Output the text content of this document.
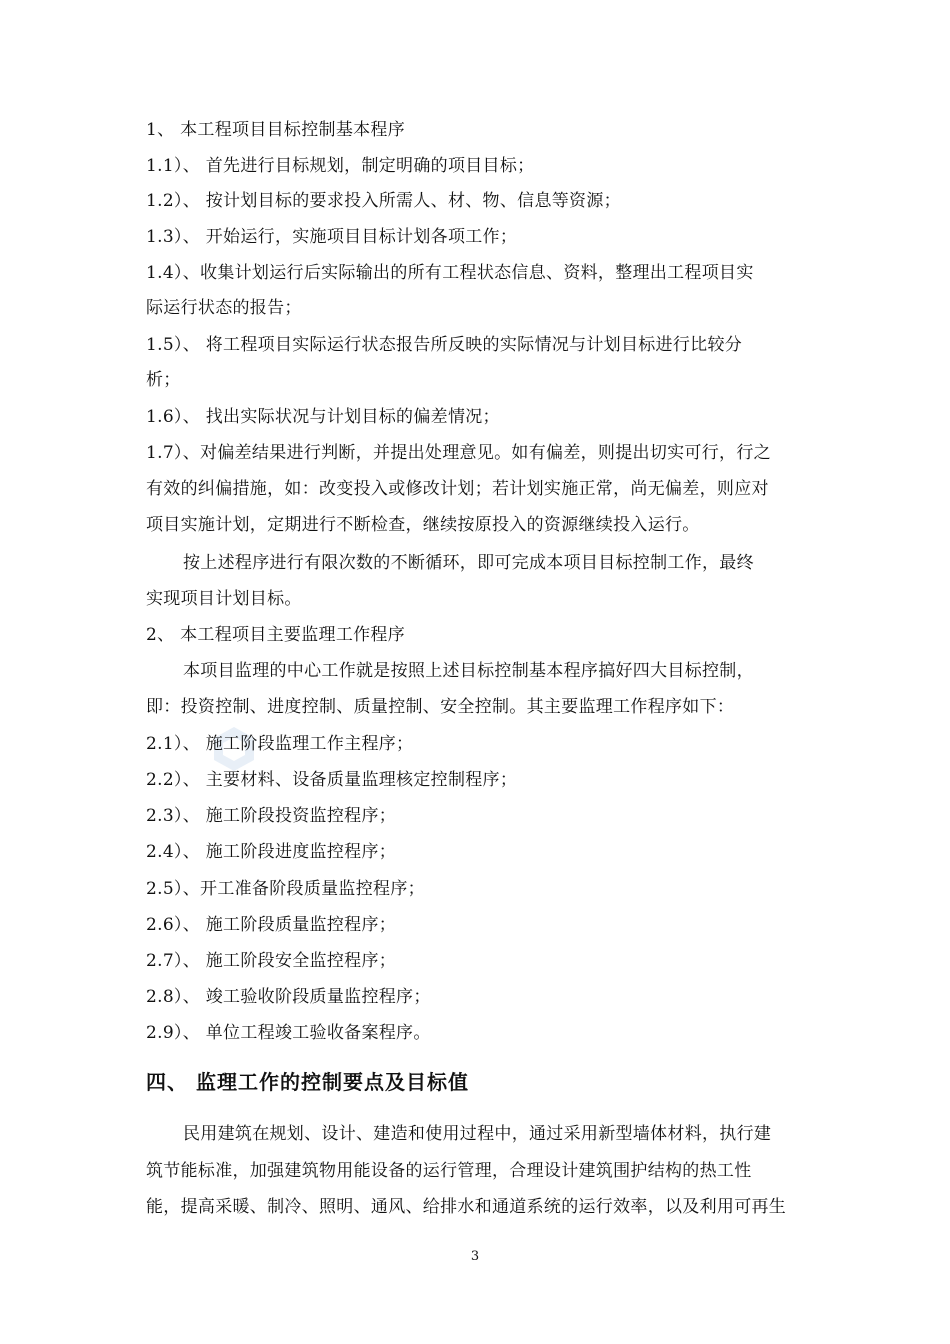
1、 本工程项目目标控制基本程序
1.1）、 首先进行目标规划，制定明确的项目目标；
1.2）、 按计划目标的要求投入所需人、材、物、信息等资源；
1.3）、 开始运行，实施项目目标计划各项工作；
1.4）、收集计划运行后实际输出的所有工程状态信息、资料，整理出工程项目实
际运行状态的报告；
1.5）、 将工程项目实际运行状态报告所反映的实际情况与计划目标进行比较分
析；
1.6）、 找出实际状况与计划目标的偏差情况；
1.7）、对偏差结果进行判断，并提出处理意见。如有偏差，则提出切实可行，行之
有效的纠偏措施，如：改变投入或修改计划；若计划实施正常，尚无偏差，则应对
项目实施计划，定期进行不断检查，继续按原投入的资源继续投入运行。
按上述程序进行有限次数的不断循环，即可完成本项目目标控制工作，最终
实现项目计划目标。
2、 本工程项目主要监理工作程序
本项目监理的中心工作就是按照上述目标控制基本程序搞好四大目标控制，
即：投资控制、进度控制、质量控制、安全控制。其主要监理工作程序如下：
2.1）、 施工阶段监理工作主程序；
2.2）、 主要材料、设备质量监理核定控制程序；
2.3）、 施工阶段投资监控程序；
2.4）、 施工阶段进度监控程序；
2.5）、开工准备阶段质量监控程序；
2.6）、 施工阶段质量监控程序；
2.7）、 施工阶段安全监控程序；
2.8）、 竣工验收阶段质量监控程序；
2.9）、 单位工程竣工验收备案程序。
四、 监理工作的控制要点及目标值
民用建筑在规划、设计、建造和使用过程中，通过采用新型墙体材料，执行建
筑节能标准，加强建筑物用能设备的运行管理，合理设计建筑围护结构的热工性
能，提高采暖、制冷、照明、通风、给排水和通道系统的运行效率，以及利用可再生
3
